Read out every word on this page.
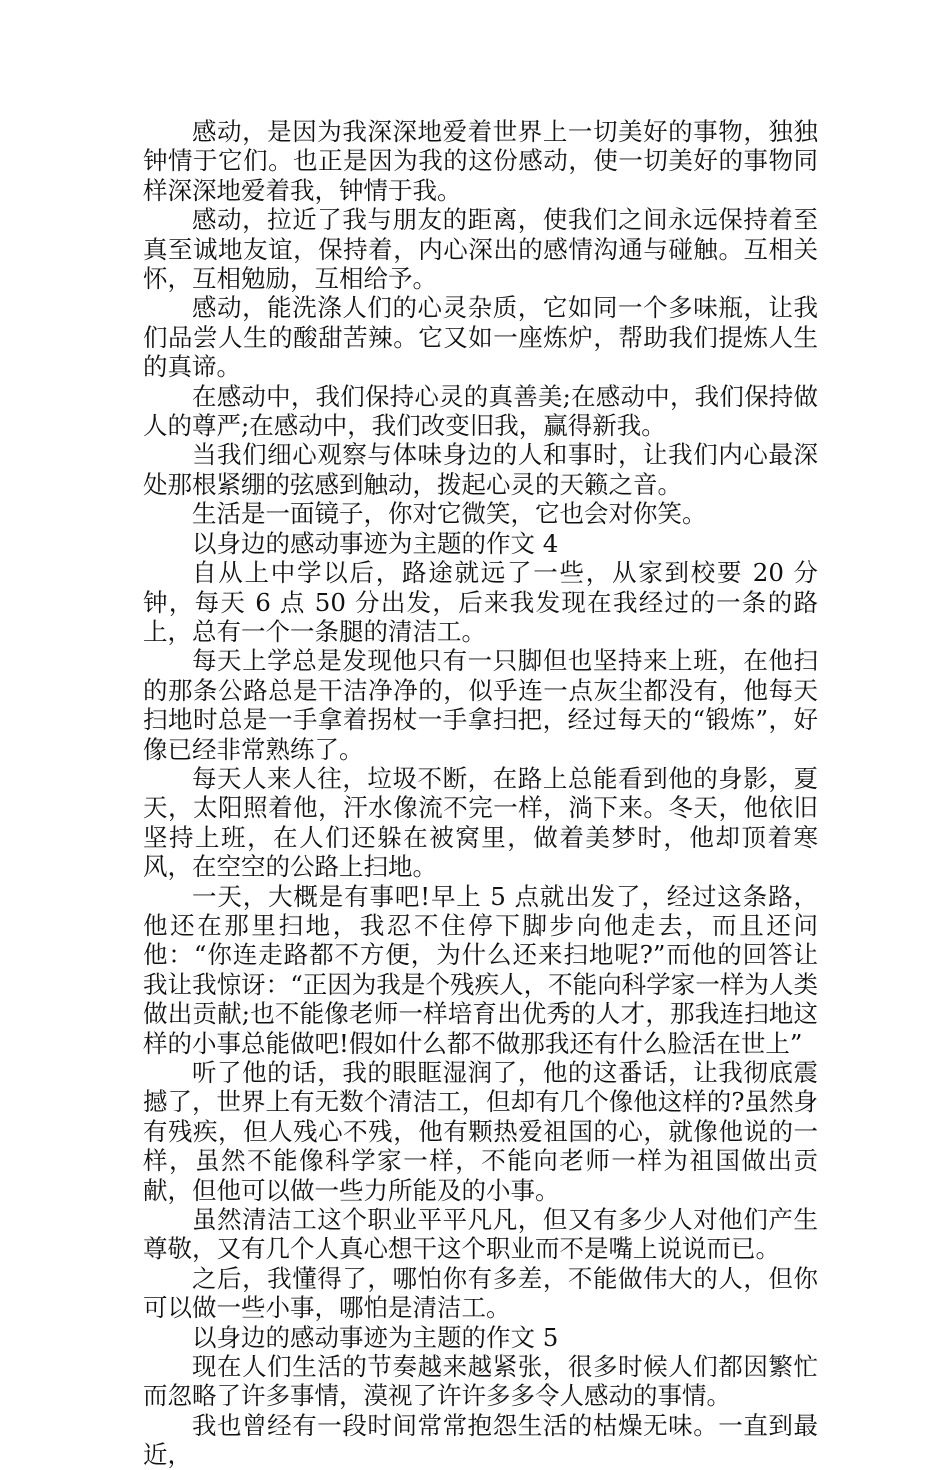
感动，是因为我深深地爱着世界上一切美好的事物，独独钟情于它们。也正是因为我的这份感动，使一切美好的事物同样深深地爱着我，钟情于我。

感动，拉近了我与朋友的距离，使我们之间永远保持着至真至诚地友谊，保持着，内心深出的感情沟通与碰触。互相关怀，互相勉励，互相给予。

感动，能洗涤人们的心灵杂质，它如同一个多味瓶，让我们品尝人生的酸甜苦辣。它又如一座炼炉，帮助我们提炼人生的真谛。

在感动中，我们保持心灵的真善美;在感动中，我们保持做人的尊严;在感动中，我们改变旧我，赢得新我。

当我们细心观察与体味身边的人和事时，让我们内心最深处那根紧绷的弦感到触动，拨起心灵的天籁之音。

生活是一面镜子，你对它微笑，它也会对你笑。

以身边的感动事迹为主题的作文 4

自从上中学以后，路途就远了一些，从家到校要 20 分钟，每天 6 点 50 分出发，后来我发现在我经过的一条的路上，总有一个一条腿的清洁工。

每天上学总是发现他只有一只脚但也坚持来上班，在他扫的那条公路总是干洁净净的，似乎连一点灰尘都没有，他每天扫地时总是一手拿着拐杖一手拿扫把，经过每天的“锻炼”，好像已经非常熟练了。

每天人来人往，垃圾不断，在路上总能看到他的身影，夏天，太阳照着他，汗水像流不完一样，淌下来。冬天，他依旧坚持上班，在人们还躲在被窝里，做着美梦时，他却顶着寒风，在空空的公路上扫地。

一天，大概是有事吧!早上 5 点就出发了，经过这条路，他还在那里扫地，我忍不住停下脚步向他走去，而且还问他：“你连走路都不方便，为什么还来扫地呢?”而他的回答让我让我惊讶：“正因为我是个残疾人，不能向科学家一样为人类做出贡献;也不能像老师一样培育出优秀的人才，那我连扫地这样的小事总能做吧!假如什么都不做那我还有什么脸活在世上”

听了他的话，我的眼眶湿润了，他的这番话，让我彻底震撼了，世界上有无数个清洁工，但却有几个像他这样的?虽然身有残疾，但人残心不残，他有颗热爱祖国的心，就像他说的一样，虽然不能像科学家一样，不能向老师一样为祖国做出贡献，但他可以做一些力所能及的小事。

虽然清洁工这个职业平平凡凡，但又有多少人对他们产生尊敬，又有几个人真心想干这个职业而不是嘴上说说而已。

之后，我懂得了，哪怕你有多差，不能做伟大的人，但你可以做一些小事，哪怕是清洁工。

以身边的感动事迹为主题的作文 5

现在人们生活的节奏越来越紧张，很多时候人们都因繁忙而忽略了许多事情，漠视了许许多多令人感动的事情。

我也曾经有一段时间常常抱怨生活的枯燥无味。一直到最近，
